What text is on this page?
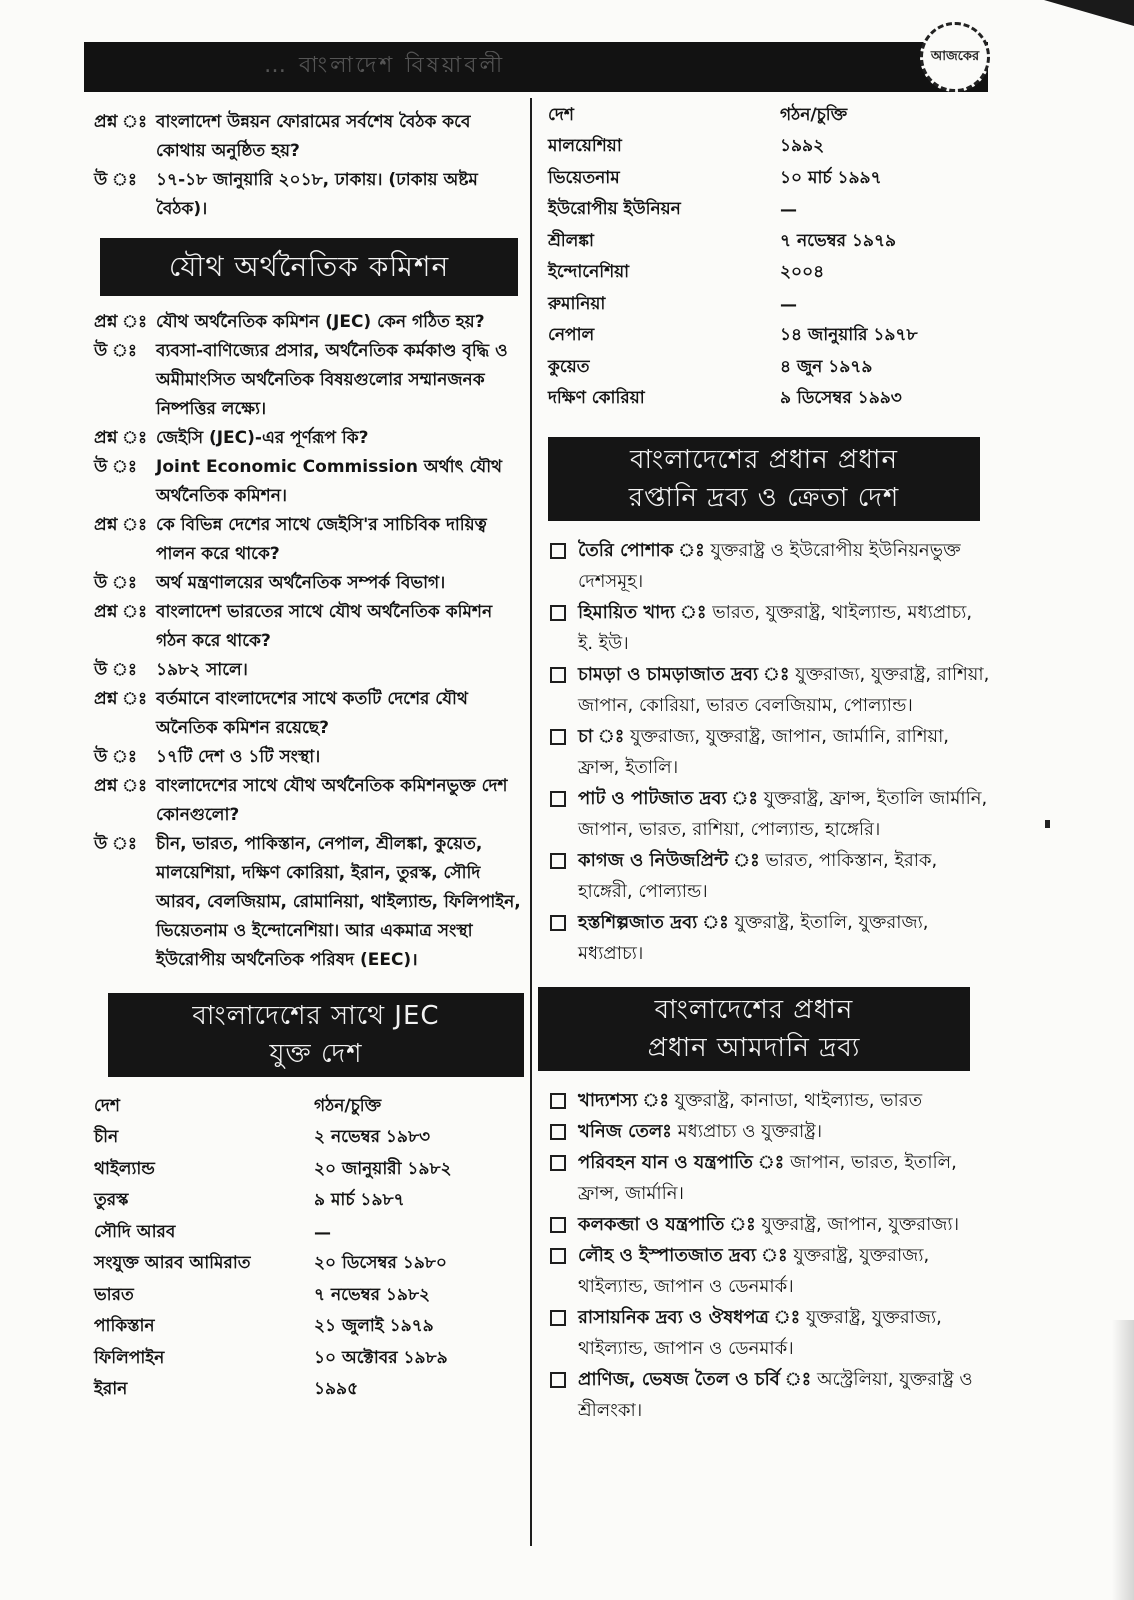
… বাংলাদেশ বিষয়াবলী	আজকের
প্রশ্ন ঃ বাংলাদেশ উন্নয়ন ফোরামের সর্বশেষ বৈঠক কবে কোথায় অনুষ্ঠিত হয়?
উ ঃ	১৭-১৮ জানুয়ারি ২০১৮, ঢাকায়। (ঢাকায় অষ্টম বৈঠক)।
যৌথ অর্থনৈতিক কমিশন
প্রশ্ন ঃ যৌথ অর্থনৈতিক কমিশন (JEC) কেন গঠিত হয়?
উ ঃ	ব্যবসা-বাণিজ্যের প্রসার, অর্থনৈতিক কর্মকাণ্ড বৃদ্ধি ও অমীমাংসিত অর্থনৈতিক বিষয়গুলোর সম্মানজনক নিষ্পত্তির লক্ষ্যে।
প্রশ্ন ঃ জেইসি (JEC)-এর পূর্ণরূপ কি?
উ ঃ	Joint Economic Commission অর্থাৎ যৌথ অর্থনৈতিক কমিশন।
প্রশ্ন ঃ কে বিভিন্ন দেশের সাথে জেইসি'র সাচিবিক দায়িত্ব পালন করে থাকে?
উ ঃ	অর্থ মন্ত্রণালয়ের অর্থনৈতিক সম্পর্ক বিভাগ।
প্রশ্ন ঃ বাংলাদেশ ভারতের সাথে যৌথ অর্থনৈতিক কমিশন গঠন করে থাকে?
উ ঃ	১৯৮২ সালে।
প্রশ্ন ঃ বর্তমানে বাংলাদেশের সাথে কতটি দেশের যৌথ অনৈতিক কমিশন রয়েছে?
উ ঃ	১৭টি দেশ ও ১টি সংস্থা।
প্রশ্ন ঃ বাংলাদেশের সাথে যৌথ অর্থনৈতিক কমিশনভুক্ত দেশ কোনগুলো?
উ ঃ	চীন, ভারত, পাকিস্তান, নেপাল, শ্রীলঙ্কা, কুয়েত, মালয়েশিয়া, দক্ষিণ কোরিয়া, ইরান, তুরস্ক, সৌদি আরব, বেলজিয়াম, রোমানিয়া, থাইল্যান্ড, ফিলিপাইন, ভিয়েতনাম ও ইন্দোনেশিয়া। আর একমাত্র সংস্থা ইউরোপীয় অর্থনৈতিক পরিষদ (EEC)।
বাংলাদেশের সাথে JEC
যুক্ত দেশ
দেশ	গঠন/চুক্তি
চীন	২ নভেম্বর ১৯৮৩
থাইল্যান্ড	২০ জানুয়ারী ১৯৮২
তুরস্ক	৯ মার্চ ১৯৮৭
সৌদি আরব	—
সংযুক্ত আরব আমিরাত	২০ ডিসেম্বর ১৯৮০
ভারত	৭ নভেম্বর ১৯৮২
পাকিস্তান	২১ জুলাই ১৯৭৯
ফিলিপাইন	১০ অক্টোবর ১৯৮৯
ইরান	১৯৯৫
দেশ	গঠন/চুক্তি
মালয়েশিয়া	১৯৯২
ভিয়েতনাম	১০ মার্চ ১৯৯৭
ইউরোপীয় ইউনিয়ন	—
শ্রীলঙ্কা	৭ নভেম্বর ১৯৭৯
ইন্দোনেশিয়া	২০০৪
রুমানিয়া	—
নেপাল	১৪ জানুয়ারি ১৯৭৮
কুয়েত	৪ জুন ১৯৭৯
দক্ষিণ কোরিয়া	৯ ডিসেম্বর ১৯৯৩
বাংলাদেশের প্রধান প্রধান
রপ্তানি দ্রব্য ও ক্রেতা দেশ
তৈরি পোশাক ঃ যুক্তরাষ্ট্র ও ইউরোপীয় ইউনিয়নভুক্ত দেশসমূহ।
হিমায়িত খাদ্য ঃ ভারত, যুক্তরাষ্ট্র, থাইল্যান্ড, মধ্যপ্রাচ্য, ই. ইউ।
চামড়া ও চামড়াজাত দ্রব্য ঃ যুক্তরাজ্য, যুক্তরাষ্ট্র, রাশিয়া, জাপান, কোরিয়া, ভারত বেলজিয়াম, পোল্যান্ড।
চা ঃ যুক্তরাজ্য, যুক্তরাষ্ট্র, জাপান, জার্মানি, রাশিয়া, ফ্রান্স, ইতালি।
পাট ও পাটজাত দ্রব্য ঃ যুক্তরাষ্ট্র, ফ্রান্স, ইতালি জার্মানি, জাপান, ভারত, রাশিয়া, পোল্যান্ড, হাঙ্গেরি।
কাগজ ও নিউজপ্রিন্ট ঃ ভারত, পাকিস্তান, ইরাক, হাঙ্গেরী, পোল্যান্ড।
হস্তশিল্পজাত দ্রব্য ঃ যুক্তরাষ্ট্র, ইতালি, যুক্তরাজ্য, মধ্যপ্রাচ্য।
বাংলাদেশের প্রধান
প্রধান আমদানি দ্রব্য
খাদ্যশস্য ঃ যুক্তরাষ্ট্র, কানাডা, থাইল্যান্ড, ভারত
খনিজ তেলঃ মধ্যপ্রাচ্য ও যুক্তরাষ্ট্র।
পরিবহন যান ও যন্ত্রপাতি ঃ জাপান, ভারত, ইতালি, ফ্রান্স, জার্মানি।
কলকব্জা ও যন্ত্রপাতি ঃ যুক্তরাষ্ট্র, জাপান, যুক্তরাজ্য।
লৌহ ও ইস্পাতজাত দ্রব্য ঃ যুক্তরাষ্ট্র, যুক্তরাজ্য, থাইল্যান্ড, জাপান ও ডেনমার্ক।
রাসায়নিক দ্রব্য ও ঔষধপত্র ঃ যুক্তরাষ্ট্র, যুক্তরাজ্য, থাইল্যান্ড, জাপান ও ডেনমার্ক।
প্রাণিজ, ভেষজ তৈল ও চর্বি ঃ অস্ট্রেলিয়া, যুক্তরাষ্ট্র ও শ্রীলংকা।
